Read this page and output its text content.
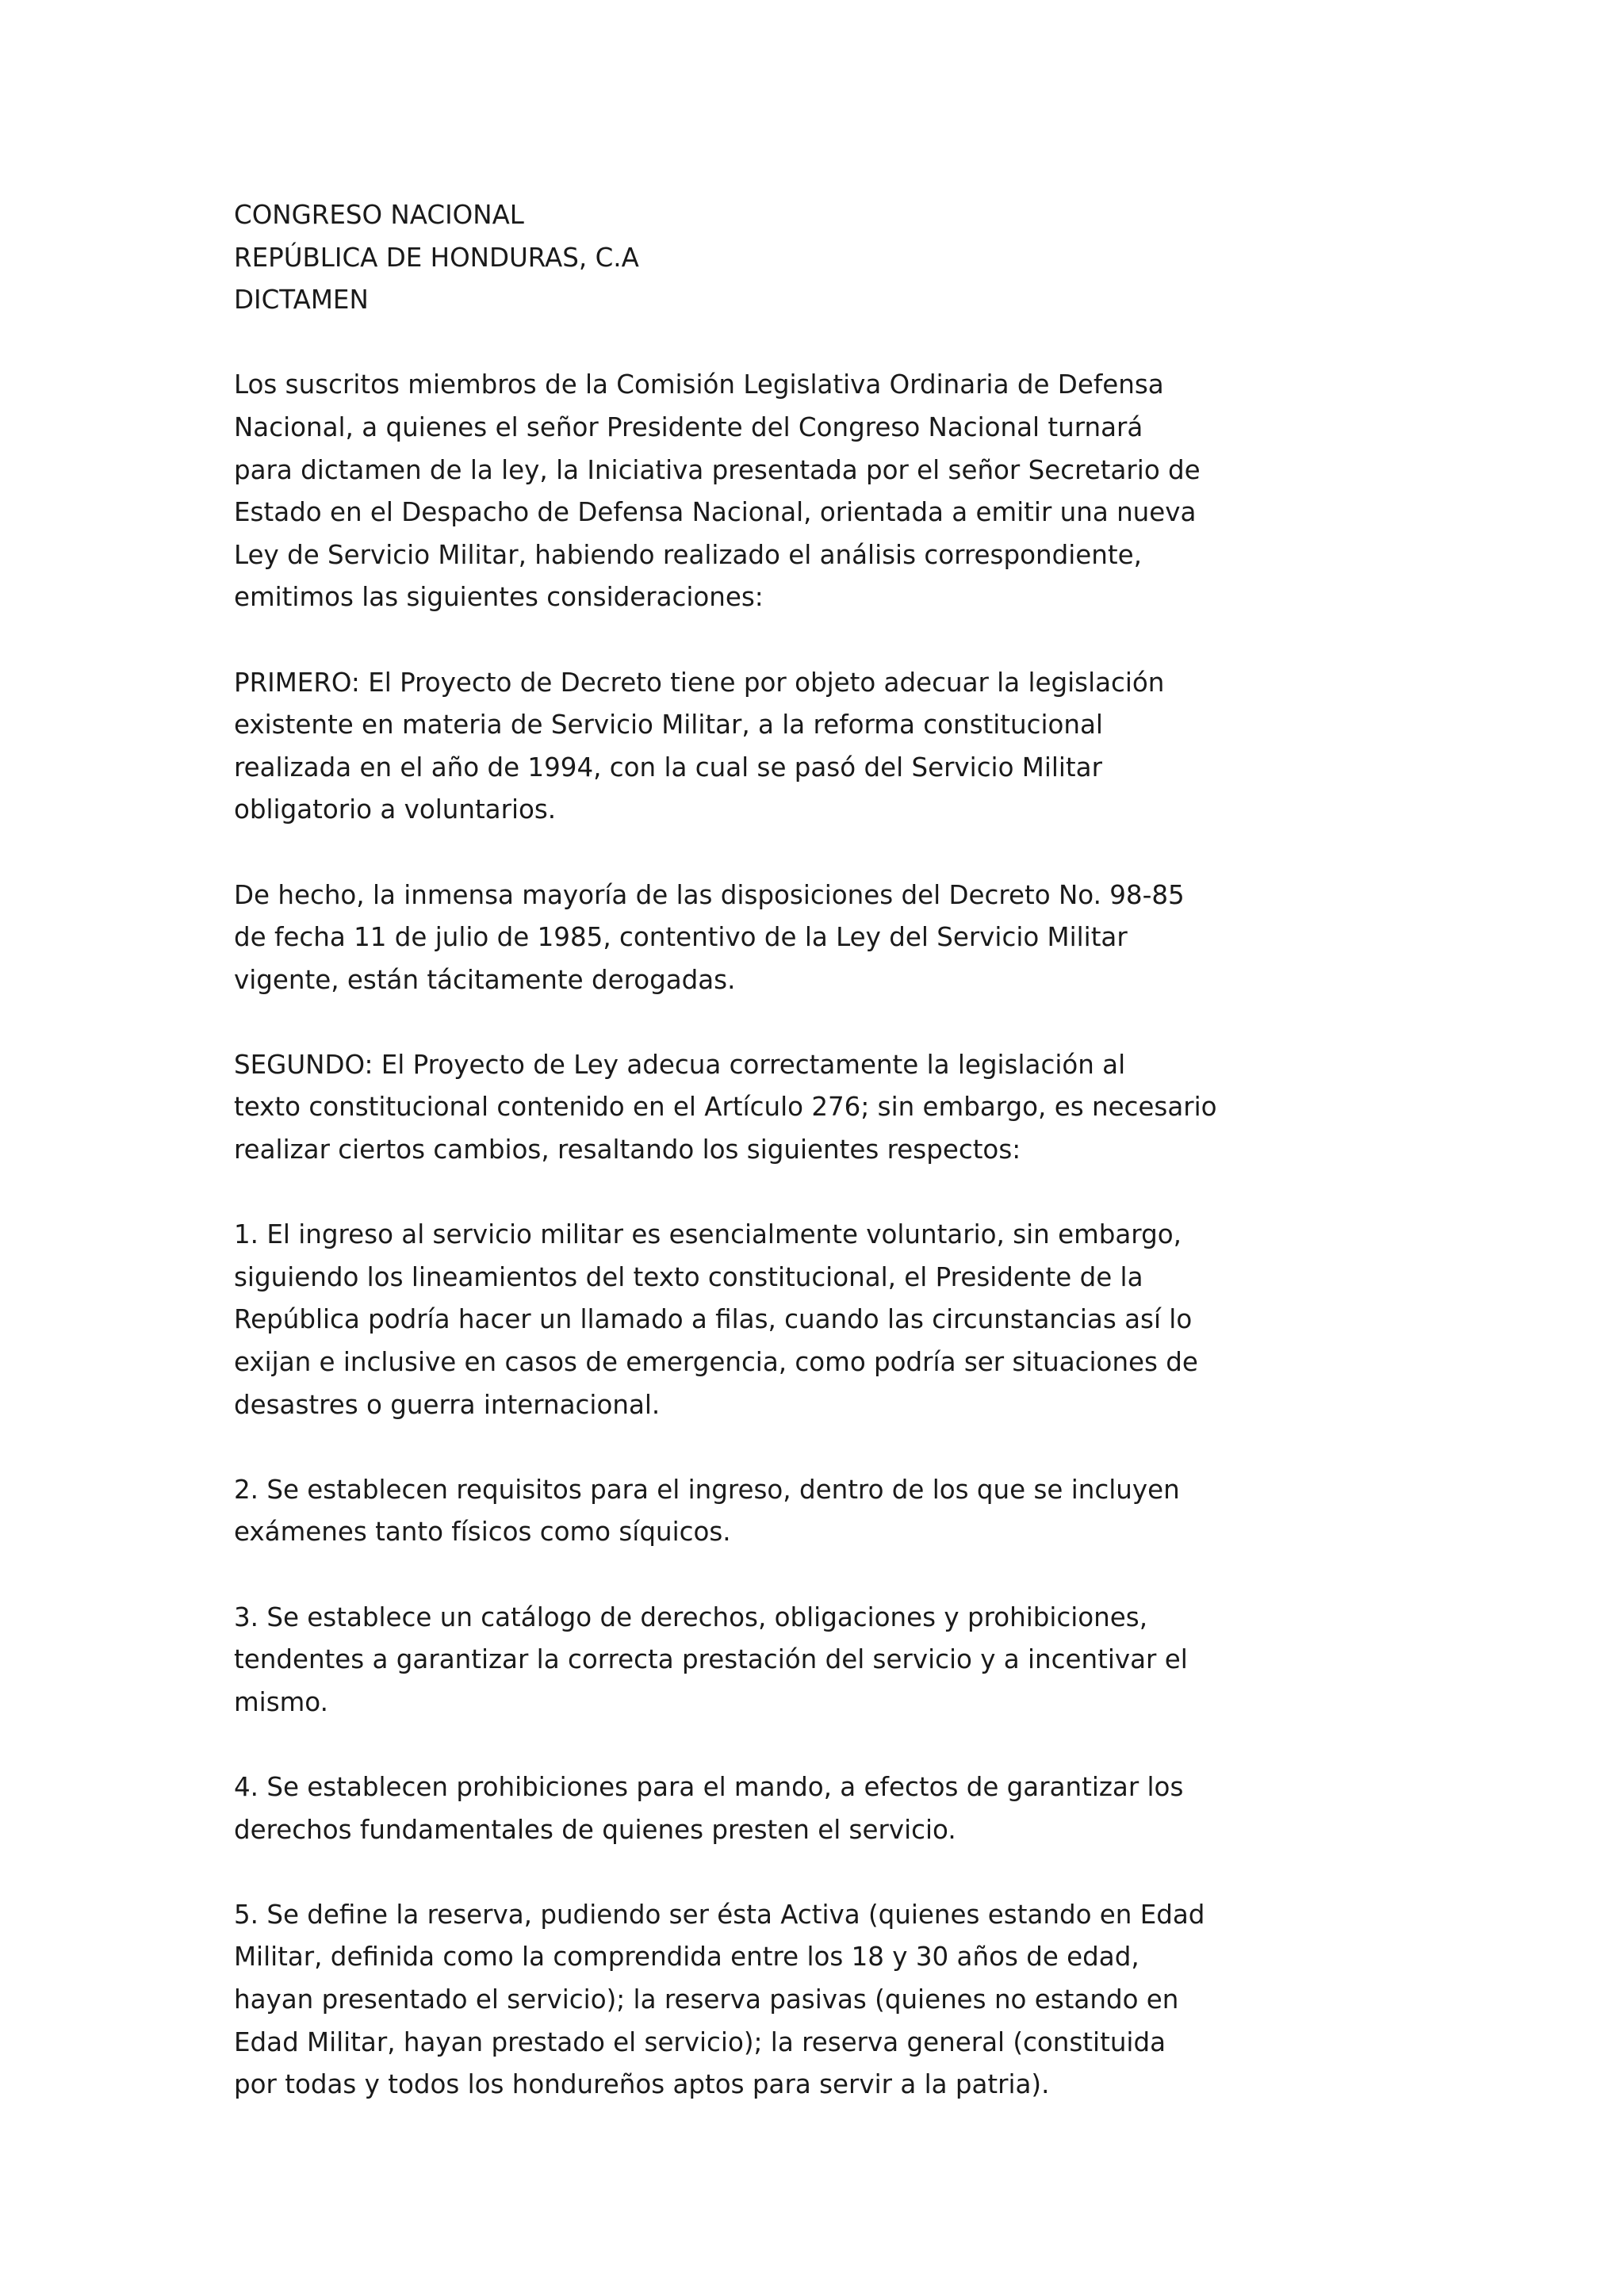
CONGRESO NACIONAL
REPÚBLICA DE HONDURAS, C.A
DICTAMEN
Los suscritos miembros de la Comisión Legislativa Ordinaria de Defensa
Nacional, a quienes el señor Presidente del Congreso Nacional turnará
para dictamen de la ley, la Iniciativa presentada por el señor Secretario de
Estado en el Despacho de Defensa Nacional, orientada a emitir una nueva
Ley de Servicio Militar, habiendo realizado el análisis correspondiente,
emitimos las siguientes consideraciones:
PRIMERO: El Proyecto de Decreto tiene por objeto adecuar la legislación
existente en materia de Servicio Militar, a la reforma constitucional
realizada en el año de 1994, con la cual se pasó del Servicio Militar
obligatorio a voluntarios.
De hecho, la inmensa mayoría de las disposiciones del Decreto No. 98-85
de fecha 11 de julio de 1985, contentivo de la Ley del Servicio Militar
vigente, están tácitamente derogadas.
SEGUNDO: El Proyecto de Ley adecua correctamente la legislación al
texto constitucional contenido en el Artículo 276; sin embargo, es necesario
realizar ciertos cambios, resaltando los siguientes respectos:
1. El ingreso al servicio militar es esencialmente voluntario, sin embargo,
siguiendo los lineamientos del texto constitucional, el Presidente de la
República podría hacer un llamado a filas, cuando las circunstancias así lo
exijan e inclusive en casos de emergencia, como podría ser situaciones de
desastres o guerra internacional.
2. Se establecen requisitos para el ingreso, dentro de los que se incluyen
exámenes tanto físicos como síquicos.
3. Se establece un catálogo de derechos, obligaciones y prohibiciones,
tendentes a garantizar la correcta prestación del servicio y a incentivar el
mismo.
4. Se establecen prohibiciones para el mando, a efectos de garantizar los
derechos fundamentales de quienes presten el servicio.
5. Se define la reserva, pudiendo ser ésta Activa (quienes estando en Edad
Militar, definida como la comprendida entre los 18 y 30 años de edad,
hayan presentado el servicio); la reserva pasivas (quienes no estando en
Edad Militar, hayan prestado el servicio); la reserva general (constituida
por todas y todos los hondureños aptos para servir a la patria).
